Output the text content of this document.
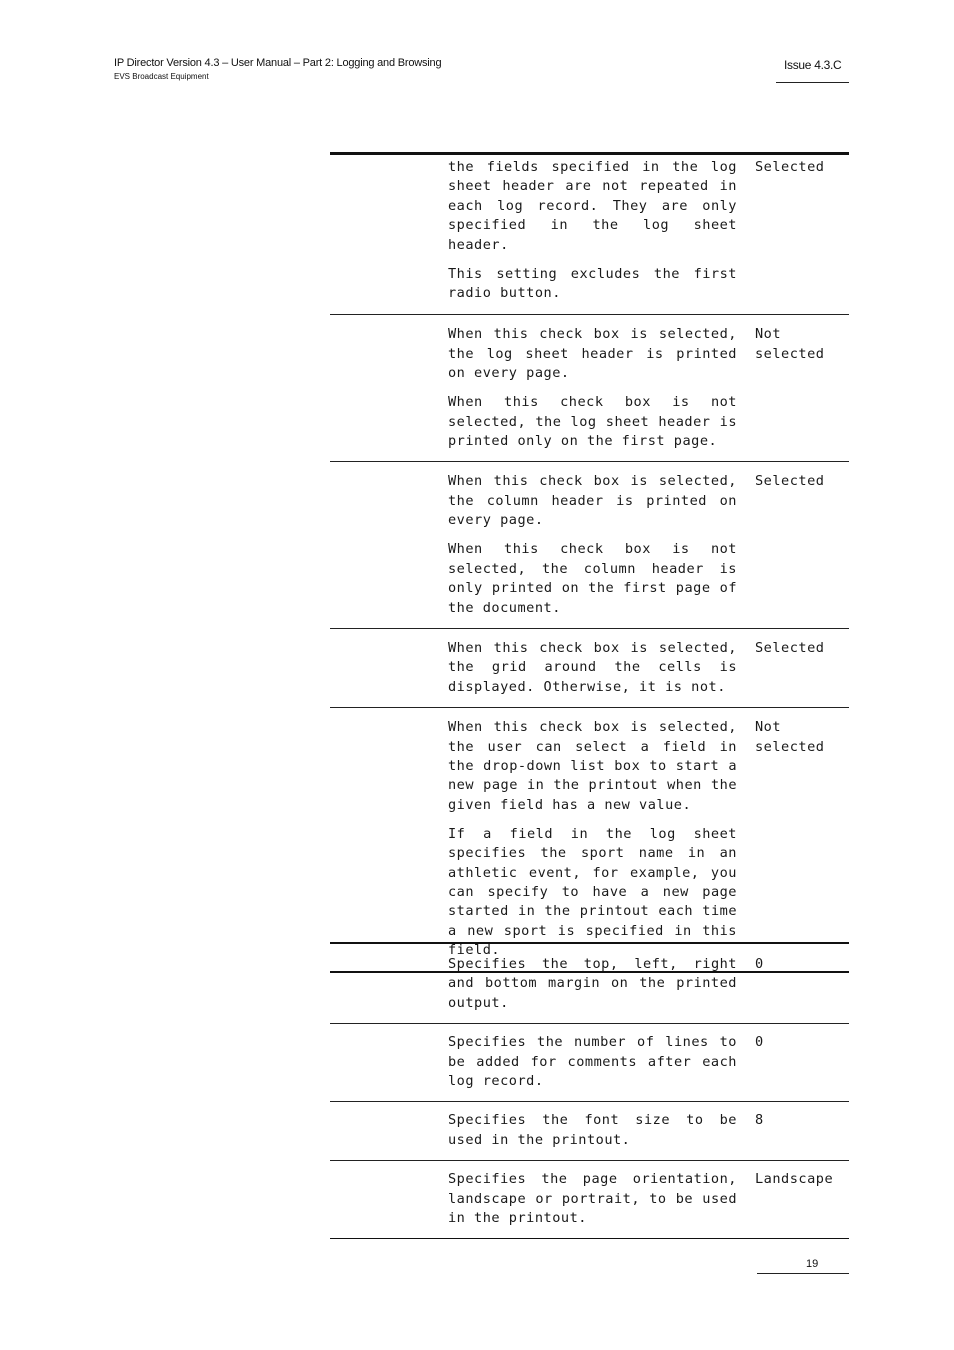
IP Director Version 4.3 – User Manual – Part 2: Logging and Browsing
EVS Broadcast Equipment
Issue 4.3.C

the fields specified in the log sheet header are not repeated in each log record. They are only specified in the log sheet header.

This setting excludes the first radio button.

Selected

When this check box is selected, the log sheet header is printed on every page.

When this check box is not selected, the log sheet header is printed only on the first page.

Not selected

When this check box is selected, the column header is printed on every page.

When this check box is not selected, the column header is only printed on the first page of the document.

Selected

When this check box is selected, the grid around the cells is displayed. Otherwise, it is not.

Selected

When this check box is selected, the user can select a field in the drop-down list box to start a new page in the printout when the given field has a new value.

If a field in the log sheet specifies the sport name in an athletic event, for example, you can specify to have a new page started in the printout each time a new sport is specified in this field.

Not selected

Specifies the top, left, right and bottom margin on the printed output.

0

Specifies the number of lines to be added for comments after each log record.

0

Specifies the font size to be used in the printout.

8

Specifies the page orientation, landscape or portrait, to be used in the printout.

Landscape
19
